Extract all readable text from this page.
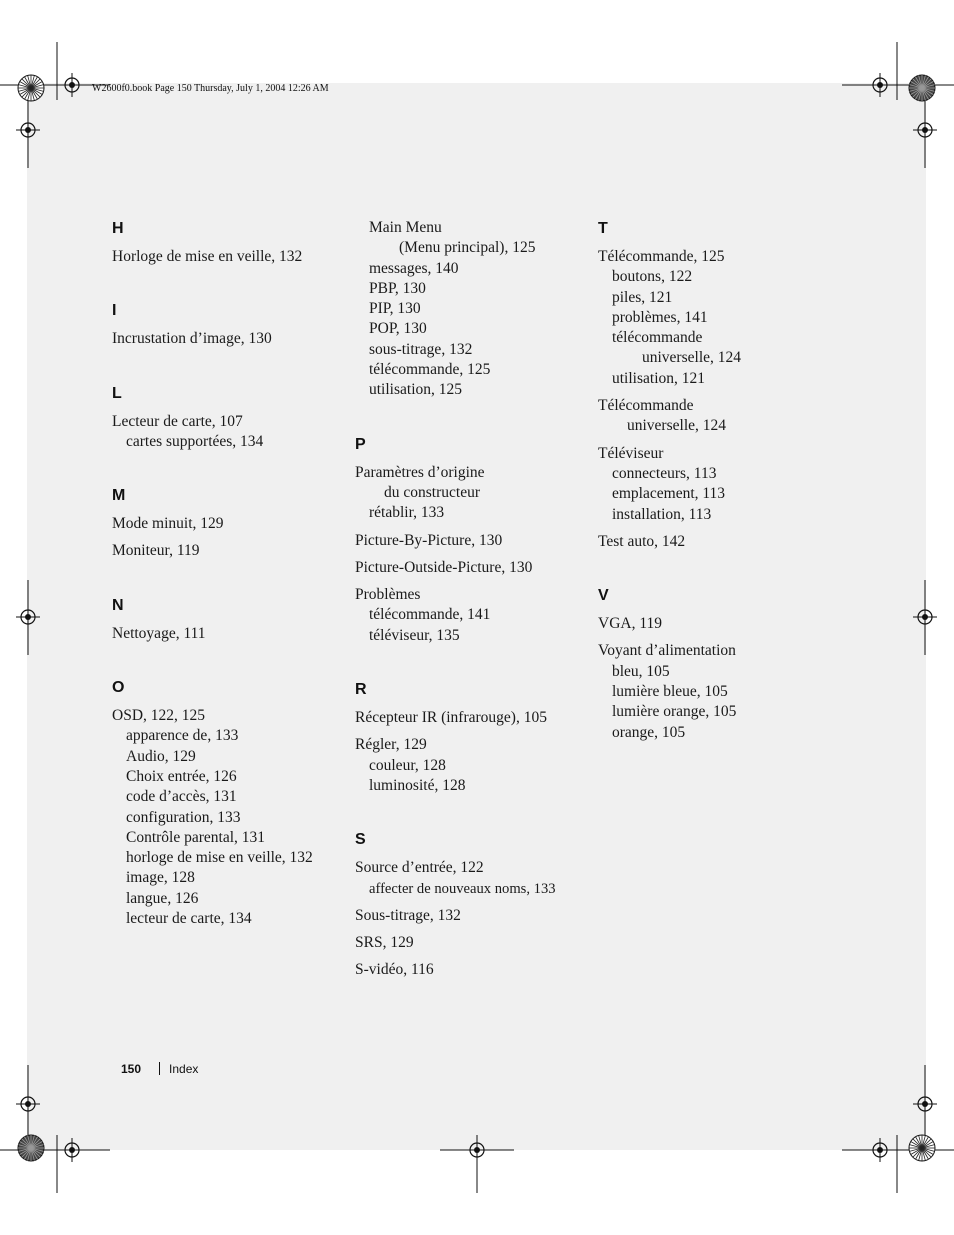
W2600f0.book Page 150 Thursday, July 1, 2004 12:26 AM
H
Horloge de mise en veille, 132
I
Incrustation d’image, 130
L
Lecteur de carte, 107
cartes supportées, 134
M
Mode minuit, 129
Moniteur, 119
N
Nettoyage, 111
O
OSD, 122, 125
apparence de, 133
Audio, 129
Choix entrée, 126
code d’accès, 131
configuration, 133
Contrôle parental, 131
horloge de mise en veille, 132
image, 128
langue, 126
lecteur de carte, 134
Main Menu
(Menu principal), 125
messages, 140
PBP, 130
PIP, 130
POP, 130
sous-titrage, 132
télécommande, 125
utilisation, 125
P
Paramètres d’origine
du constructeur
rétablir, 133
Picture-By-Picture, 130
Picture-Outside-Picture, 130
Problèmes
télécommande, 141
téléviseur, 135
R
Récepteur IR (infrarouge), 105
Régler, 129
couleur, 128
luminosité, 128
S
Source d’entrée, 122
affecter de nouveaux noms, 133
Sous-titrage, 132
SRS, 129
S-vidéo, 116
T
Télécommande, 125
boutons, 122
piles, 121
problèmes, 141
télécommande
universelle, 124
utilisation, 121
Télécommande
universelle, 124
Téléviseur
connecteurs, 113
emplacement, 113
installation, 113
Test auto, 142
V
VGA, 119
Voyant d’alimentation
bleu, 105
lumière bleue, 105
lumière orange, 105
orange, 105
150 Index
